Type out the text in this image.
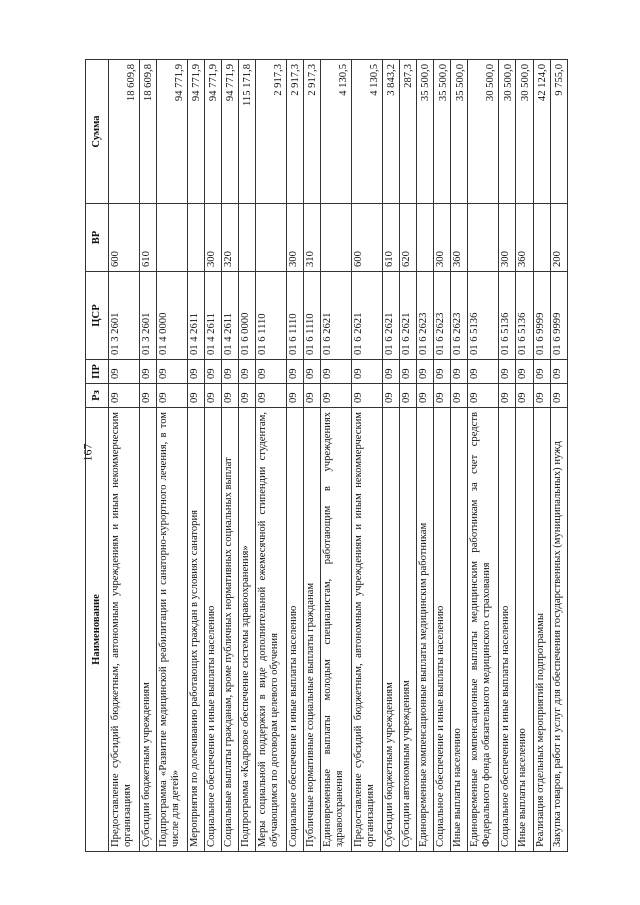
167
Наименование	Рз	ПР	ЦСР	ВР	Сумма
Предоставление субсидий бюджетным, автономным учреждениям и иным некоммерческим организациям	09	09	01 3 2601	600	18 609,8
Субсидии бюджетным учреждениям	09	09	01 3 2601	610	18 609,8
Подпрограмма «Развитие медицинской реабилитации и санаторно-курортного лечения, в том числе для детей»	09	09	01 4 0000		94 771,9
Мероприятия по долечиванию работающих граждан в условиях санатория	09	09	01 4 2611		94 771,9
Социальное обеспечение и иные выплаты населению	09	09	01 4 2611	300	94 771,9
Социальные выплаты гражданам, кроме публичных нормативных социальных выплат	09	09	01 4 2611	320	94 771,9
Подпрограмма «Кадровое обеспечение системы здравоохранения»	09	09	01 6 0000		115 171,8
Меры социальной поддержки в виде дополнительной ежемесячной стипендии студентам, обучающимся по договорам целевого обучения	09	09	01 6 1110		2 917,3
Социальное обеспечение и иные выплаты населению	09	09	01 6 1110	300	2 917,3
Публичные нормативные социальные выплаты гражданам	09	09	01 6 1110	310	2 917,3
Единовременные выплаты молодым специалистам, работающим в учреждениях здравоохранения	09	09	01 6 2621		4 130,5
Предоставление субсидий бюджетным, автономным учреждениям и иным некоммерческим организациям	09	09	01 6 2621	600	4 130,5
Субсидии бюджетным учреждениям	09	09	01 6 2621	610	3 843,2
Субсидии автономным учреждениям	09	09	01 6 2621	620	287,3
Единовременные компенсационные выплаты медицинским работникам	09	09	01 6 2623		35 500,0
Социальное обеспечение и иные выплаты населению	09	09	01 6 2623	300	35 500,0
Иные выплаты населению	09	09	01 6 2623	360	35 500,0
Единовременные компенсационные выплаты медицинским работникам за счет средств Федерального фонда обязательного медицинского страхования	09	09	01 6 5136		30 500,0
Социальное обеспечение и иные выплаты населению	09	09	01 6 5136	300	30 500,0
Иные выплаты населению	09	09	01 6 5136	360	30 500,0
Реализация отдельных мероприятий подпрограммы	09	09	01 6 9999		42 124,0
Закупка товаров, работ и услуг для обеспечения государственных (муниципальных) нужд	09	09	01 6 9999	200	9 755,0
